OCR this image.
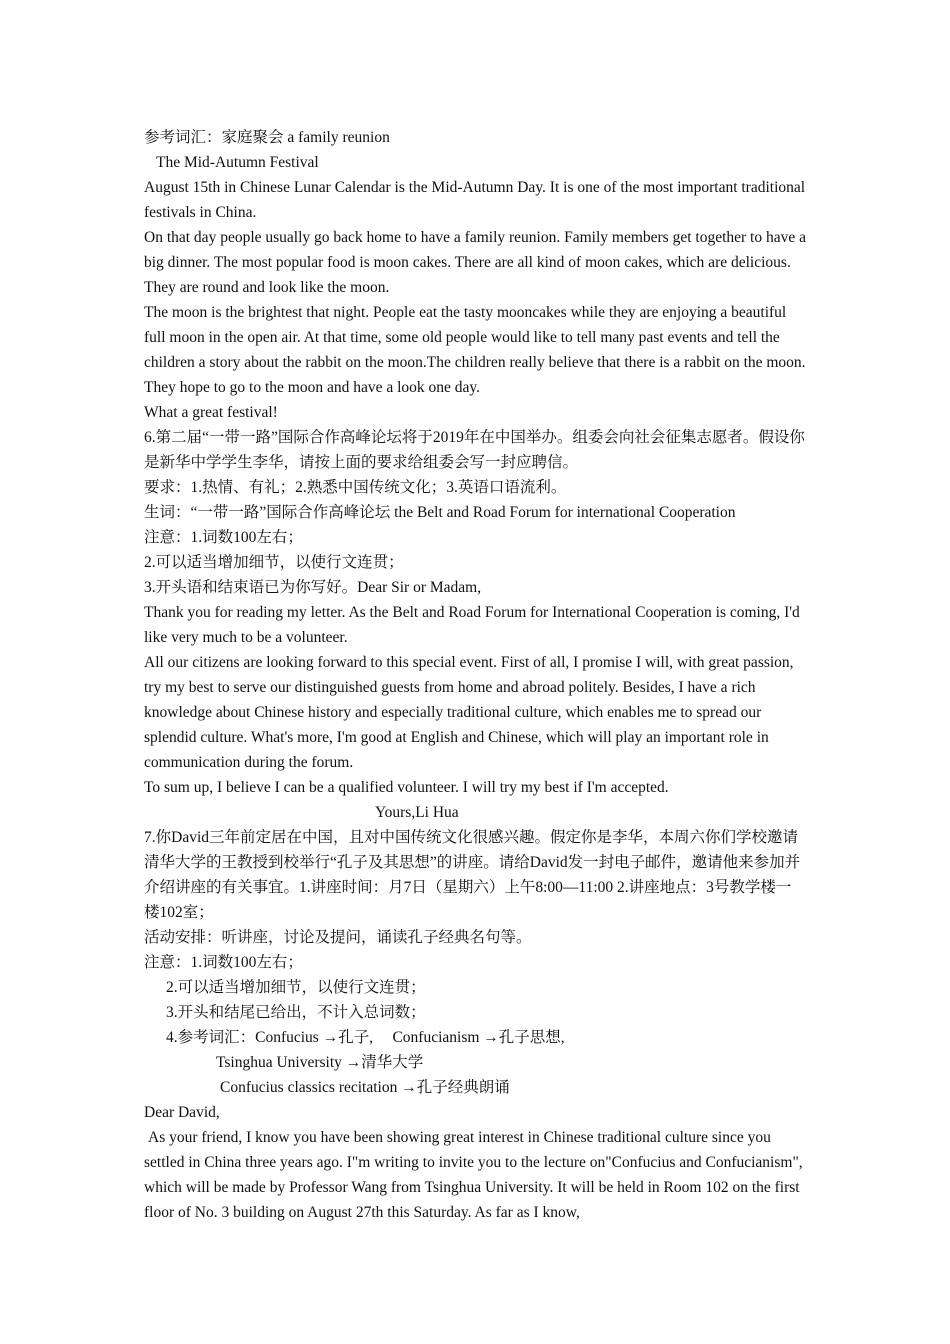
参考词汇：家庭聚会 a family reunion

The Mid-Autumn Festival

August 15th in Chinese Lunar Calendar is the Mid-Autumn Day. It is one of the most important traditional festivals in China.

On that day people usually go back home to have a family reunion. Family members get together to have a big dinner. The most popular food is moon cakes. There are all kind of moon cakes, which are delicious. They are round and look like the moon.

The moon is the brightest that night. People eat the tasty mooncakes while they are enjoying a beautiful full moon in the open air. At that time, some old people would like to tell many past events and tell the children a story about the rabbit on the moon.The children really believe that there is a rabbit on the moon. They hope to go to the moon and have a look one day.

What a great festival!

6.第二届“一带一路”国际合作高峰论坛将于2019年在中国举办。组委会向社会征集志愿者。假设你是新华中学学生李华，请按上面的要求给组委会写一封应聘信。

要求：1.热情、有礼；2.熟悉中国传统文化；3.英语口语流利。

生词：“一带一路”国际合作高峰论坛 the Belt and Road Forum for international Cooperation

注意：1.词数100左右；

2.可以适当增加细节，以使行文连贯；

3.开头语和结束语已为你写好。Dear Sir or Madam,

Thank you for reading my letter. As the Belt and Road Forum for International Cooperation is coming, I'd like very much to be a volunteer.

All our citizens are looking forward to this special event. First of all, I promise I will, with great passion, try my best to serve our distinguished guests from home and abroad politely. Besides, I have a rich knowledge about Chinese history and especially traditional culture, which enables me to spread our splendid culture. What's more, I'm good at English and Chinese, which will play an important role in communication during the forum.

To sum up, I believe I can be a qualified volunteer. I will try my best if I'm accepted.

Yours,Li Hua

7.你David三年前定居在中国，且对中国传统文化很感兴趣。假定你是李华，本周六你们学校邀请清华大学的王教授到校举行“孔子及其思想”的讲座。请给David发一封电子邮件，邀请他来参加并介绍讲座的有关事宜。1.讲座时间：月7日（星期六）上午8:00—11:00 2.讲座地点：3号教学楼一楼102室；

活动安排：听讲座，讨论及提问，诵读孔子经典名句等。

注意：1.词数100左右；

2.可以适当增加细节，以使行文连贯；

3.开头和结尾已给出，不计入总词数；

4.参考词汇：Confucius →孔子,     Confucianism →孔子思想,

Tsinghua University →清华大学

Confucius classics recitation →孔子经典朗诵

Dear David,

As your friend, I know you have been showing great interest in Chinese traditional culture since you settled in China three years ago. I"m writing to invite you to the lecture on"Confucius and Confucianism", which will be made by Professor Wang from Tsinghua University. It will be held in Room 102 on the first floor of No. 3 building on August 27th this Saturday. As far as I know,
